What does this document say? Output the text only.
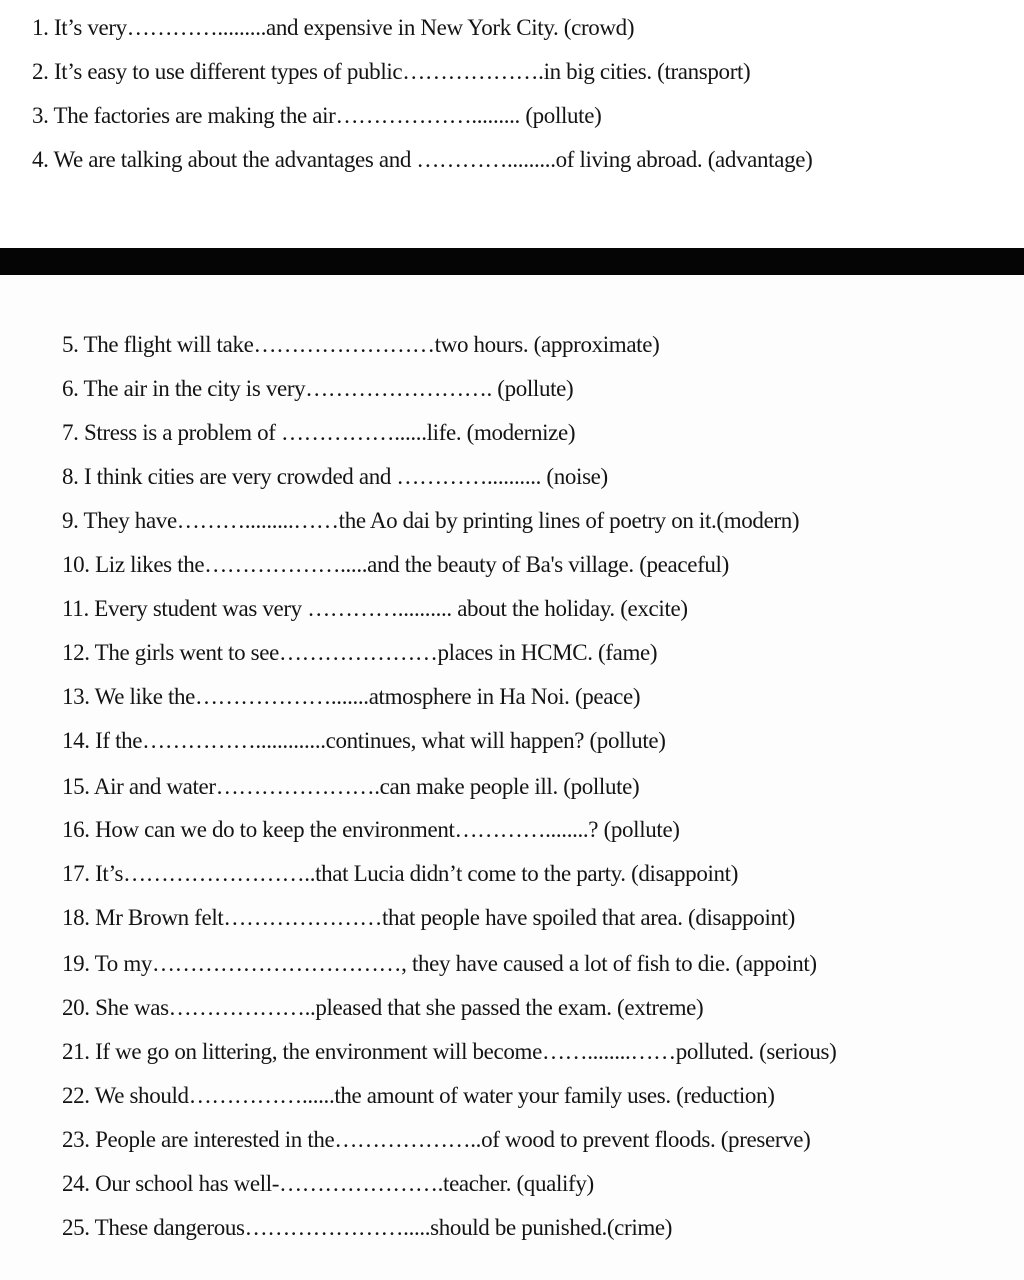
1. It’s very………….........and expensive in New York City. (crowd)
2. It’s easy to use different types of public……………….in big cities. (transport)
3. The factories are making the air………………......... (pollute)
4. We are talking about the advantages and ………….........of living abroad. (advantage)
5. The flight will take……………………two hours. (approximate)
6. The air in the city is very……………………. (pollute)
7. Stress is a problem of ……………......life. (modernize)
8. I think cities are very crowded and ………….......... (noise)
9. They have……….........……the Ao dai by printing lines of poetry on it.(modern)
10. Liz likes the……………….....and the beauty of Ba's village. (peaceful)
11. Every student was very ………….......... about the holiday. (excite)
12. The girls went to see…………………places in HCMC. (fame)
13. We like the……………….......atmosphere in Ha Noi. (peace)
14. If the…………….............continues, what will happen? (pollute)
15. Air and water………………….can make people ill. (pollute)
16. How can we do to keep the environment…………........? (pollute)
17. It’s……………………..that Lucia didn’t come to the party. (disappoint)
18. Mr Brown felt…………………that people have spoiled that area. (disappoint)
19. To my……………………………, they have caused a lot of fish to die. (appoint)
20. She was………………..pleased that she passed the exam. (extreme)
21. If we go on littering, the environment will become……........……polluted. (serious)
22. We should……………......the amount of water your family uses. (reduction)
23. People are interested in the………………..of wood to prevent floods. (preserve)
24. Our school has well-………………….teacher. (qualify)
25. These dangerous………………….....should be punished.(crime)
